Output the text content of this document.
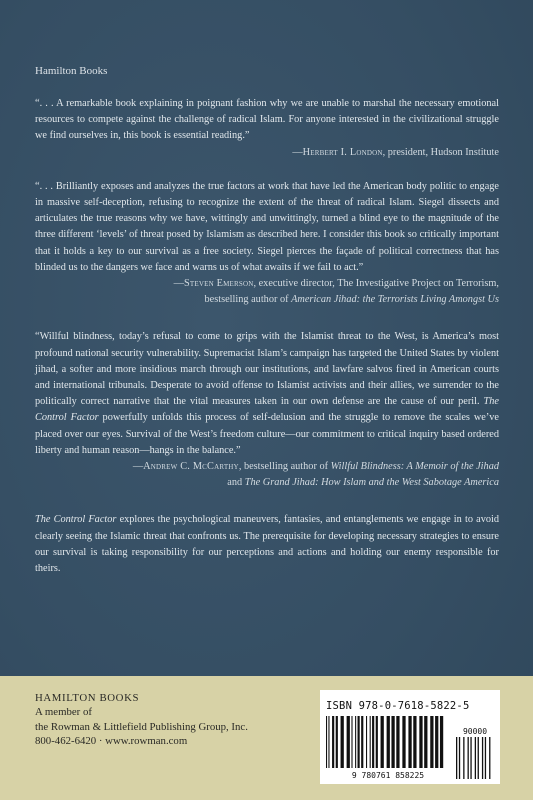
Hamilton Books

“. . . A remarkable book explaining in poignant fashion why we are unable to marshal the necessary emotional resources to compete against the challenge of radical Islam. For anyone interested in the civilizational struggle we find ourselves in, this book is essential reading.”

—Herbert I. London, president, Hudson Institute

“. . . Brilliantly exposes and analyzes the true factors at work that have led the American body politic to engage in massive self-deception, refusing to recognize the extent of the threat of radical Islam. Siegel dissects and articulates the true reasons why we have, wittingly and unwittingly, turned a blind eye to the magnitude of the three different ‘levels’ of threat posed by Islamism as described here. I consider this book so critically important that it holds a key to our survival as a free society. Siegel pierces the façade of political correctness that has blinded us to the dangers we face and warns us of what awaits if we fail to act.”

—Steven Emerson, executive director, The Investigative Project on Terrorism,
bestselling author of American Jihad: the Terrorists Living Amongst Us

“Willful blindness, today’s refusal to come to grips with the Islamist threat to the West, is America’s most profound national security vulnerability. Supremacist Islam’s campaign has targeted the United States by violent jihad, a softer and more insidious march through our institutions, and lawfare salvos fired in American courts and international tribunals. Desperate to avoid offense to Islamist activists and their allies, we surrender to the politically correct narrative that the vital measures taken in our own defense are the cause of our peril. The Control Factor powerfully unfolds this process of self-delusion and the struggle to remove the scales we’ve placed over our eyes. Survival of the West’s freedom culture—our commitment to critical inquiry based ordered liberty and human reason—hangs in the balance.”

—Andrew C. McCarthy, bestselling author of Willful Blindness: A Memoir of the Jihad
and The Grand Jihad: How Islam and the West Sabotage America

The Control Factor explores the psychological maneuvers, fantasies, and entanglements we engage in to avoid clearly seeing the Islamic threat that confronts us. The prerequisite for developing necessary strategies to ensure our survival is taking responsibility for our perceptions and actions and holding our enemy responsible for theirs.

HAMILTON BOOKS
A member of
the Rowman & Littlefield Publishing Group, Inc.
800-462-6420 · www.rowman.com
ISBN 978-0-7618-5822-5
9 780761 858225
90000
